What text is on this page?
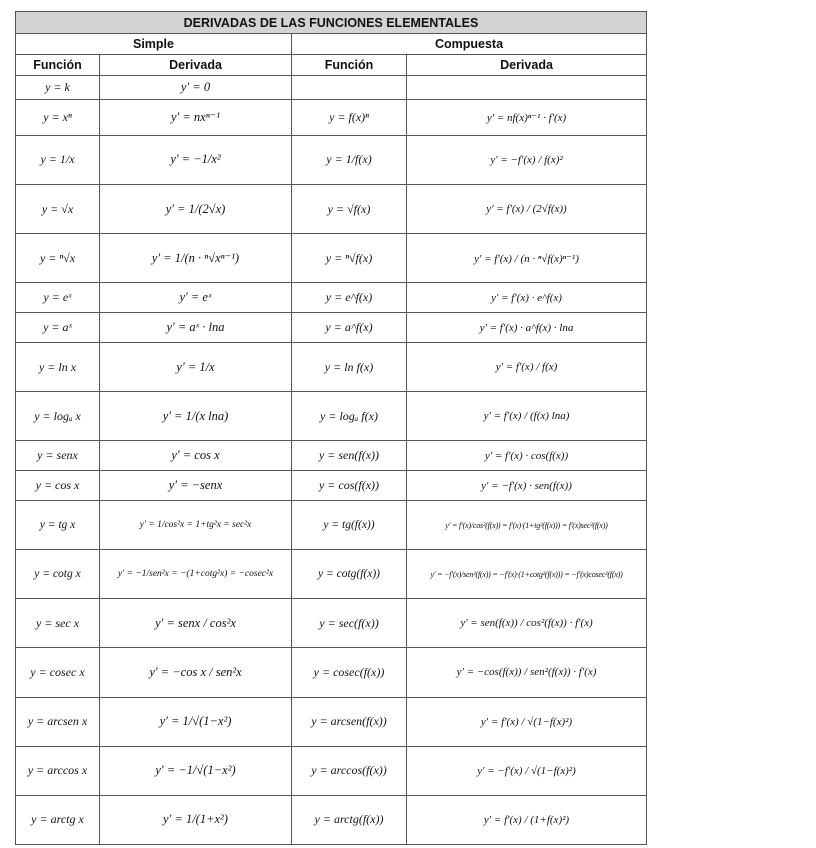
DERIVADAS DE LAS FUNCIONES ELEMENTALES			
Simple		Compuesta	
Función	Derivada	Función	Derivada
y = k	y' = 0		
y = xⁿ	y' = nxⁿ⁻¹	y = f(x)ⁿ	y' = nf(x)ⁿ⁻¹ · f'(x)
y = 1/x	y' = −1/x²	y = 1/f(x)	y' = −f'(x) / f(x)²
y = √x	y' = 1/(2√x)	y = √f(x)	y' = f'(x) / (2√f(x))
y = ⁿ√x	y' = 1/(n · ⁿ√xⁿ⁻¹)	y = ⁿ√f(x)	y' = f'(x) / (n · ⁿ√f(x)ⁿ⁻¹)
y = eˣ	y' = eˣ	y = e^f(x)	y' = f'(x) · e^f(x)
y = aˣ	y' = aˣ · lna	y = a^f(x)	y' = f'(x) · a^f(x) · lna
y = ln x	y' = 1/x	y = ln f(x)	y' = f'(x) / f(x)
y = logₐ x	y' = 1/(x lna)	y = logₐ f(x)	y' = f'(x) / (f(x) lna)
y = senx	y' = cos x	y = sen(f(x))	y' = f'(x) · cos(f(x))
y = cos x	y' = −senx	y = cos(f(x))	y' = −f'(x) · sen(f(x))
y = tg x	y' = 1/cos²x = 1+tg²x = sec²x	y = tg(f(x))	y' = f'(x)/cos²(f(x)) = f'(x)·(1+tg²(f(x))) = f'(x)sec²(f(x))
y = cotg x	y' = −1/sen²x = −(1+cotg²x) = −cosec²x	y = cotg(f(x))	y' = −f'(x)/sen²(f(x)) = −f'(x)·(1+cotg²(f(x))) = −f'(x)cosec²(f(x))
y = sec x	y' = senx / cos²x	y = sec(f(x))	y' = sen(f(x)) / cos²(f(x)) · f'(x)
y = cosec x	y' = −cos x / sen²x	y = cosec(f(x))	y' = −cos(f(x)) / sen²(f(x)) · f'(x)
y = arcsen x	y' = 1/√(1−x²)	y = arcsen(f(x))	y' = f'(x) / √(1−f(x)²)
y = arccos x	y' = −1/√(1−x²)	y = arccos(f(x))	y' = −f'(x) / √(1−f(x)²)
y = arctg x	y' = 1/(1+x²)	y = arctg(f(x))	y' = f'(x) / (1+f(x)²)
